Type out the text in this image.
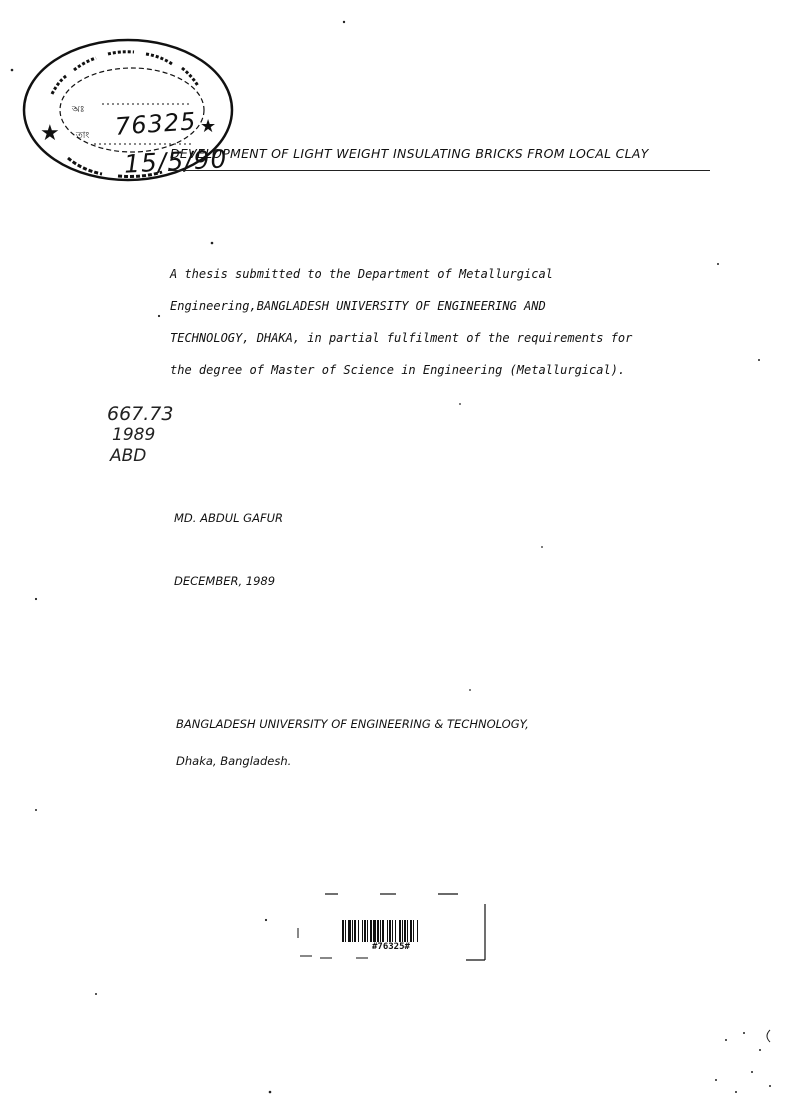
★	★
অঃ
তাং 76325
15/5/90
DEVELOPMENT OF LIGHT WEIGHT INSULATING BRICKS FROM LOCAL CLAY
A thesis submitted to the Department of Metallurgical
Engineering,BANGLADESH UNIVERSITY OF ENGINEERING AND
TECHNOLOGY, DHAKA, in partial fulfilment of the requirements for
the degree of Master of Science in Engineering (Metallurgical).
667.73
1989
ABD
MD. ABDUL GAFUR
DECEMBER, 1989
BANGLADESH UNIVERSITY OF ENGINEERING & TECHNOLOGY,
Dhaka, Bangladesh.
#76325#
